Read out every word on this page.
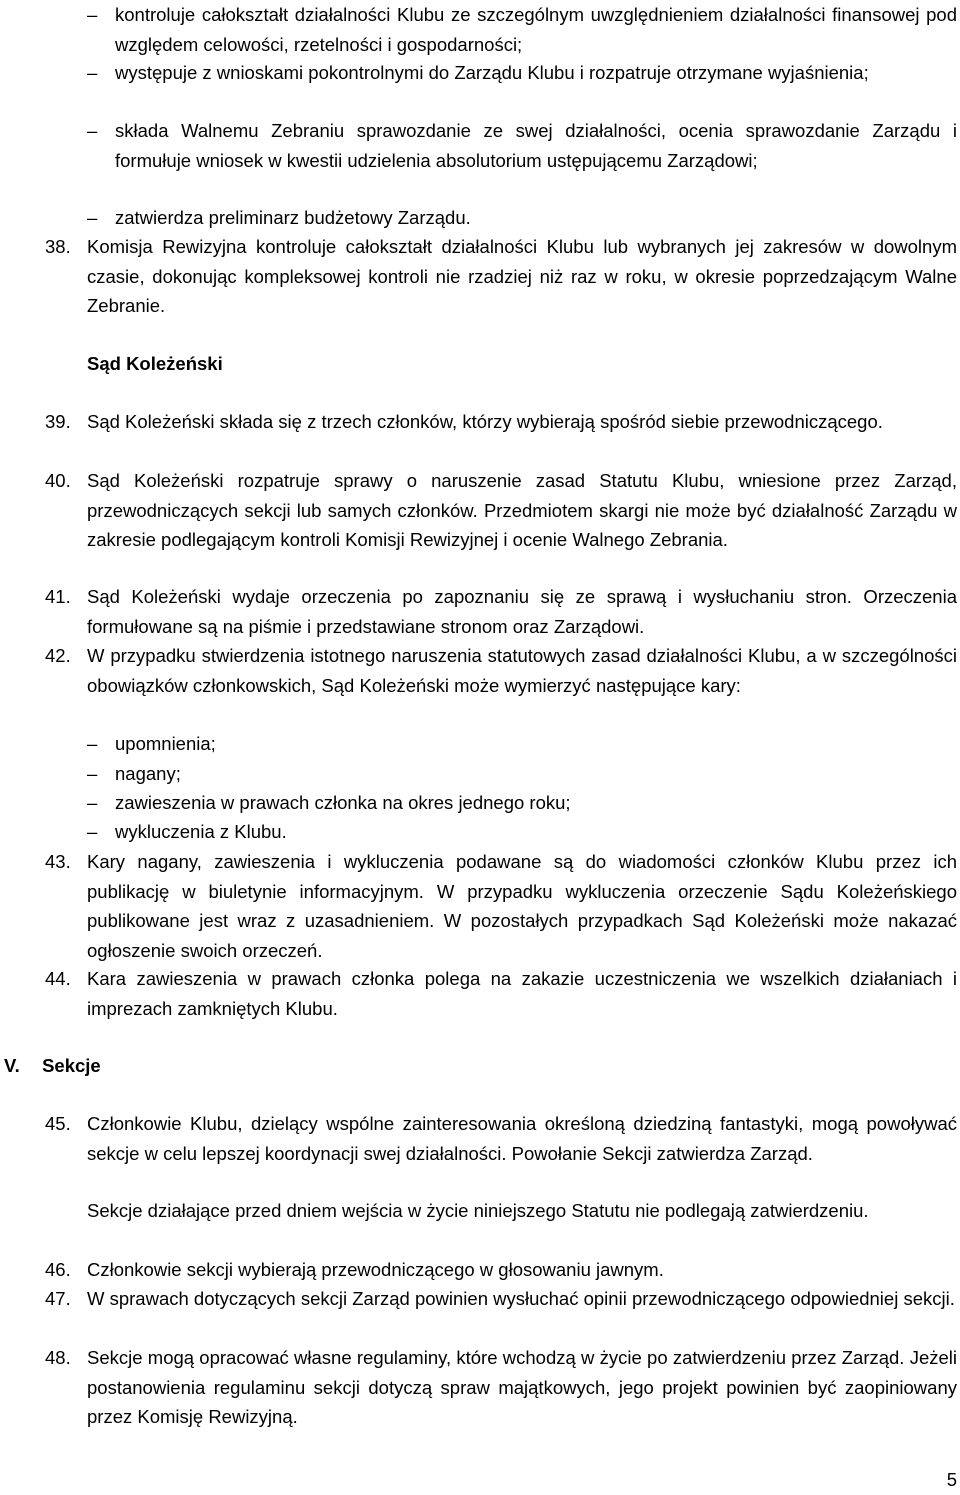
– kontroluje całokształt działalności Klubu ze szczególnym uwzględnieniem działalności finansowej pod względem celowości, rzetelności i gospodarności;
– występuje z wnioskami pokontrolnymi do Zarządu Klubu i rozpatruje otrzymane wyjaśnienia;
– składa Walnemu Zebraniu sprawozdanie ze swej działalności, ocenia sprawozdanie Zarządu i formułuje wniosek w kwestii udzielenia absolutorium ustępującemu Zarządowi;
– zatwierdza preliminarz budżetowy Zarządu.
38. Komisja Rewizyjna kontroluje całokształt działalności Klubu lub wybranych jej zakresów w dowolnym czasie, dokonując kompleksowej kontroli nie rzadziej niż raz w roku, w okresie poprzedzającym Walne Zebranie.
Sąd Koleżeński
39. Sąd Koleżeński składa się z trzech członków, którzy wybierają spośród siebie przewodniczącego.
40. Sąd Koleżeński rozpatruje sprawy o naruszenie zasad Statutu Klubu, wniesione przez Zarząd, przewodniczących sekcji lub samych członków. Przedmiotem skargi nie może być działalność Zarządu w zakresie podlegającym kontroli Komisji Rewizyjnej i ocenie Walnego Zebrania.
41. Sąd Koleżeński wydaje orzeczenia po zapoznaniu się ze sprawą i wysłuchaniu stron. Orzeczenia formułowane są na piśmie i przedstawiane stronom oraz Zarządowi.
42. W przypadku stwierdzenia istotnego naruszenia statutowych zasad działalności Klubu, a w szczególności obowiązków członkowskich, Sąd Koleżeński może wymierzyć następujące kary:
– upomnienia;
– nagany;
– zawieszenia w prawach członka na okres jednego roku;
– wykluczenia z Klubu.
43. Kary nagany, zawieszenia i wykluczenia podawane są do wiadomości członków Klubu przez ich publikację w biuletynie informacyjnym. W przypadku wykluczenia orzeczenie Sądu Koleżeńskiego publikowane jest wraz z uzasadnieniem. W pozostałych przypadkach Sąd Koleżeński może nakazać ogłoszenie swoich orzeczeń.
44. Kara zawieszenia w prawach członka polega na zakazie uczestniczenia we wszelkich działaniach i imprezach zamkniętych Klubu.
V. Sekcje
45. Członkowie Klubu, dzielący wspólne zainteresowania określoną dziedziną fantastyki, mogą powoływać sekcje w celu lepszej koordynacji swej działalności. Powołanie Sekcji zatwierdza Zarząd.
Sekcje działające przed dniem wejścia w życie niniejszego Statutu nie podlegają zatwierdzeniu.
46. Członkowie sekcji wybierają przewodniczącego w głosowaniu jawnym.
47. W sprawach dotyczących sekcji Zarząd powinien wysłuchać opinii przewodniczącego odpowiedniej sekcji.
48. Sekcje mogą opracować własne regulaminy, które wchodzą w życie po zatwierdzeniu przez Zarząd. Jeżeli postanowienia regulaminu sekcji dotyczą spraw majątkowych, jego projekt powinien być zaopiniowany przez Komisję Rewizyjną.
5
